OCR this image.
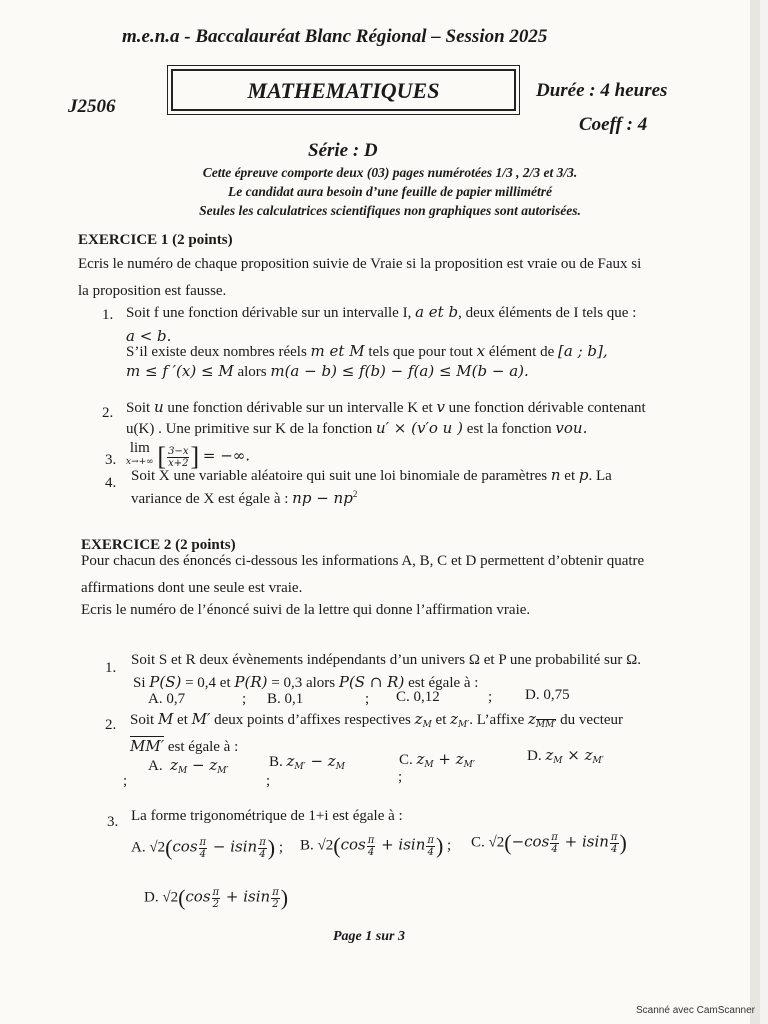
m.e.n.a - Baccalauréat Blanc Régional – Session 2025
J2506
MATHEMATIQUES	Durée : 4 heures
Coeff : 4
Série : D
Cette épreuve comporte deux (03) pages numérotées 1/3 , 2/3 et 3/3.
Le candidat aura besoin d’une feuille de papier millimétré
Seules les calculatrices scientifiques non graphiques sont autorisées.
EXERCICE 1 (2 points)
Ecris le numéro de chaque proposition suivie de Vraie si la proposition est vraie ou de Faux si
la proposition est fausse.
1. Soit f une fonction dérivable sur un intervalle I, a et b, deux éléments de I tels que :
a < b.
S’il existe deux nombres réels m et M tels que pour tout x élément de [a ; b],
m ≤ f ′(x) ≤ M alors m(a − b) ≤ f(b) − f(a) ≤ M(b − a).
2. Soit u une fonction dérivable sur un intervalle K et v une fonction dérivable contenant
u(K) . Une primitive sur K de la fonction u′ × (v′o u ) est la fonction vou.
3.
lim
x→+∞ [ $\frac{3-x}{x+2}$ ] = −∞.
4. Soit X une variable aléatoire qui suit une loi binomiale de paramètres n et p. La
variance de X est égale à : np − $np^2$
EXERCICE 2 (2 points)
Pour chacun des énoncés ci-dessous les informations A, B, C et D permettent d’obtenir quatre
affirmations dont une seule est vraie.
Ecris le numéro de l’énoncé suivi de la lettre qui donne l’affirmation vraie.
1. Soit S et R deux évènements indépendants d’un univers Ω et P une probabilité sur Ω.
Si P(S) = 0,4 et P(R) = 0,3 alors P(S ∩ R) est égale à :
A. 0,7	; B. 0,1	; C. 0,12	; D. 0,75
2. Soit M et M′ deux points d’affixes respectives $z_M$ et $z_{M'}$. L’affixe $z_{MM'}$ du vecteur
MM′ est égale à :
A. $z_M - z_{M'}$
;
B. $z_{M'} - z_M$
;
C. $z_M + z_{M'}$
;
D. $z_M \times z_{M'}$
3. La forme trigonométrique de 1+i est égale à :
A. $√2(\cos \frac{\pi}{4} - isin \frac{\pi}{4}$ ) ; B. $√2(\cos \frac{\pi}{4} + isin \frac{\pi}{4}$ ) ; C. $√2(-\cos \frac{\pi}{4} + isin \frac{\pi}{4}$ )
D. $√2(\cos \frac{\pi}{2} + isin \frac{\pi}{2}$ )
Page 1 sur 3
Scanné avec CamScanner
